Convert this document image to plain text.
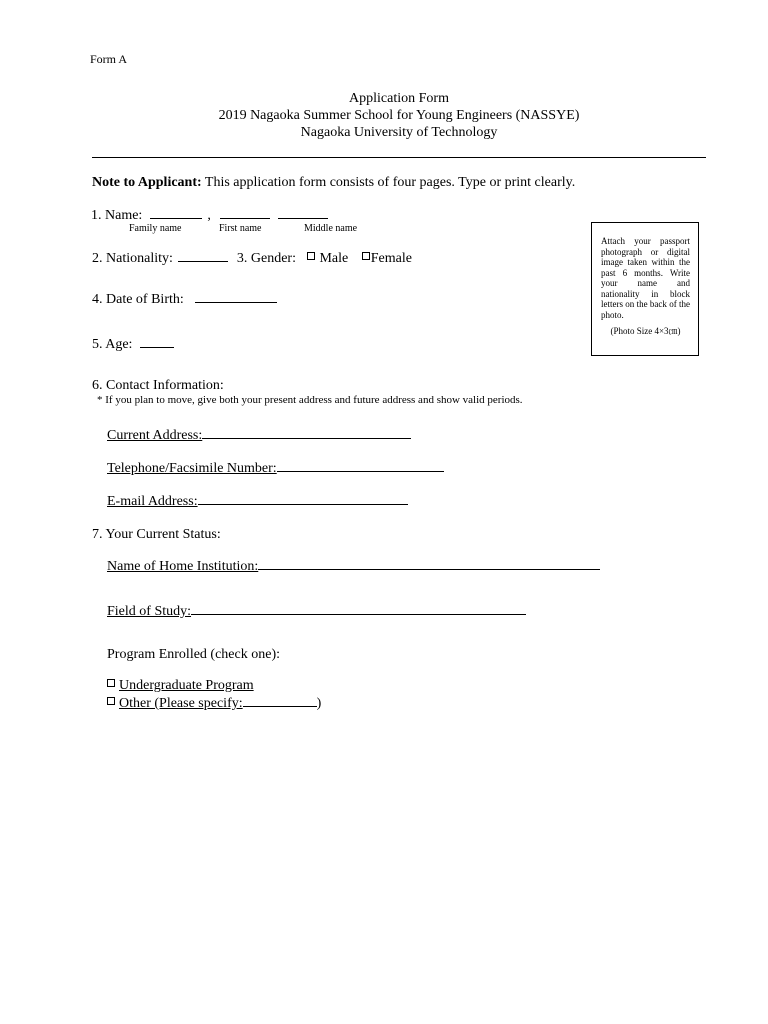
Form A
Application Form
2019 Nagaoka Summer School for Young Engineers (NASSYE)
Nagaoka University of Technology
Note to Applicant: This application form consists of four pages. Type or print clearly.
1. Name:	,
Family name	First name	Middle name
2. Nationality:	3. Gender: Male Female
4. Date of Birth:
5. Age:
Attach your passport photograph or digital image taken within the past 6 months. Write your name and nationality in block letters on the back of the photo.
(Photo Size 4×3㎝)
6. Contact Information:
* If you plan to move, give both your present address and future address and show valid periods.
Current Address:
Telephone/Facsimile Number:
E-mail Address:
7. Your Current Status:
Name of Home Institution:
Field of Study:
Program Enrolled (check one):
Undergraduate Program
Other (Please specify:	)
